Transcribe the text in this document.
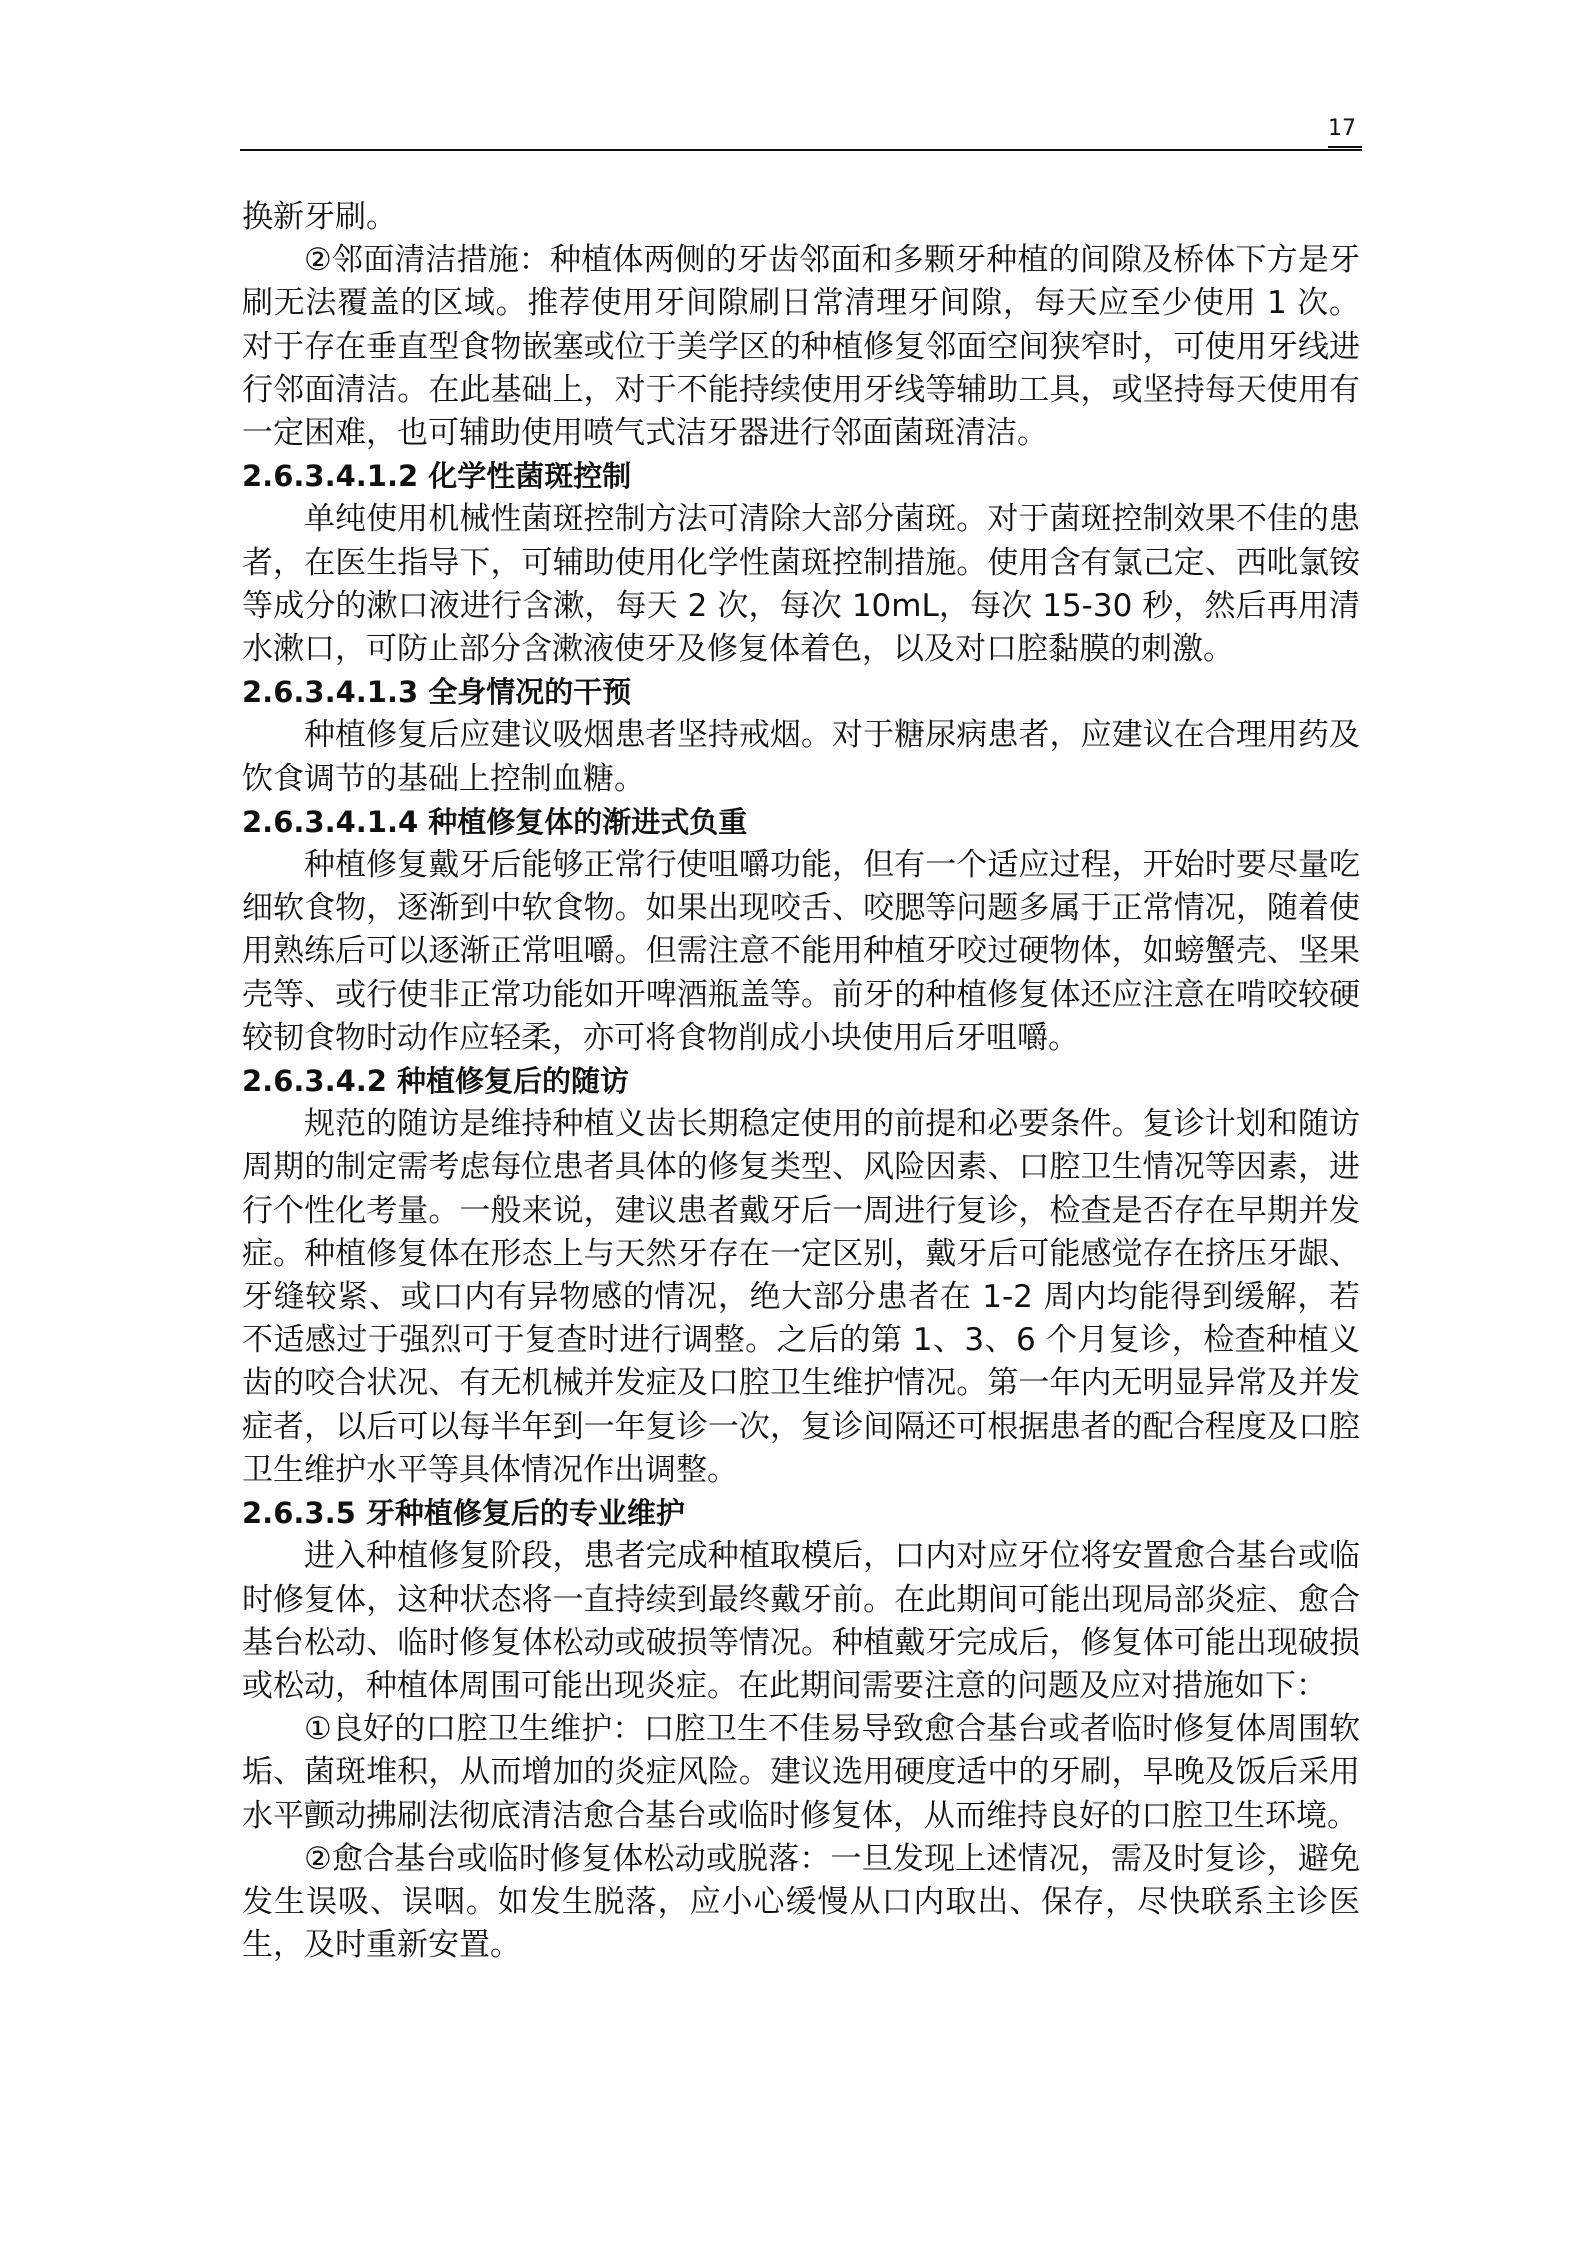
17

换新牙刷。

②邻面清洁措施：种植体两侧的牙齿邻面和多颗牙种植的间隙及桥体下方是牙刷无法覆盖的区域。推荐使用牙间隙刷日常清理牙间隙，每天应至少使用 1 次。对于存在垂直型食物嵌塞或位于美学区的种植修复邻面空间狭窄时，可使用牙线进行邻面清洁。在此基础上，对于不能持续使用牙线等辅助工具，或坚持每天使用有一定困难，也可辅助使用喷气式洁牙器进行邻面菌斑清洁。

2.6.3.4.1.2 化学性菌斑控制

单纯使用机械性菌斑控制方法可清除大部分菌斑。对于菌斑控制效果不佳的患者，在医生指导下，可辅助使用化学性菌斑控制措施。使用含有氯己定、西吡氯铵等成分的漱口液进行含漱，每天 2 次，每次 10mL，每次 15-30 秒，然后再用清水漱口，可防止部分含漱液使牙及修复体着色，以及对口腔黏膜的刺激。

2.6.3.4.1.3 全身情况的干预

种植修复后应建议吸烟患者坚持戒烟。对于糖尿病患者，应建议在合理用药及饮食调节的基础上控制血糖。

2.6.3.4.1.4 种植修复体的渐进式负重

种植修复戴牙后能够正常行使咀嚼功能，但有一个适应过程，开始时要尽量吃细软食物，逐渐到中软食物。如果出现咬舌、咬腮等问题多属于正常情况，随着使用熟练后可以逐渐正常咀嚼。但需注意不能用种植牙咬过硬物体，如螃蟹壳、坚果壳等、或行使非正常功能如开啤酒瓶盖等。前牙的种植修复体还应注意在啃咬较硬较韧食物时动作应轻柔，亦可将食物削成小块使用后牙咀嚼。

2.6.3.4.2 种植修复后的随访

规范的随访是维持种植义齿长期稳定使用的前提和必要条件。复诊计划和随访周期的制定需考虑每位患者具体的修复类型、风险因素、口腔卫生情况等因素，进行个性化考量。一般来说，建议患者戴牙后一周进行复诊，检查是否存在早期并发症。种植修复体在形态上与天然牙存在一定区别，戴牙后可能感觉存在挤压牙龈、牙缝较紧、或口内有异物感的情况，绝大部分患者在 1-2 周内均能得到缓解，若不适感过于强烈可于复查时进行调整。之后的第 1、3、6 个月复诊，检查种植义齿的咬合状况、有无机械并发症及口腔卫生维护情况。第一年内无明显异常及并发症者，以后可以每半年到一年复诊一次，复诊间隔还可根据患者的配合程度及口腔卫生维护水平等具体情况作出调整。

2.6.3.5 牙种植修复后的专业维护

进入种植修复阶段，患者完成种植取模后，口内对应牙位将安置愈合基台或临时修复体，这种状态将一直持续到最终戴牙前。在此期间可能出现局部炎症、愈合基台松动、临时修复体松动或破损等情况。种植戴牙完成后，修复体可能出现破损或松动，种植体周围可能出现炎症。在此期间需要注意的问题及应对措施如下：

①良好的口腔卫生维护：口腔卫生不佳易导致愈合基台或者临时修复体周围软垢、菌斑堆积，从而增加的炎症风险。建议选用硬度适中的牙刷，早晚及饭后采用水平颤动拂刷法彻底清洁愈合基台或临时修复体，从而维持良好的口腔卫生环境。

②愈合基台或临时修复体松动或脱落：一旦发现上述情况，需及时复诊，避免发生误吸、误咽。如发生脱落，应小心缓慢从口内取出、保存，尽快联系主诊医生，及时重新安置。
